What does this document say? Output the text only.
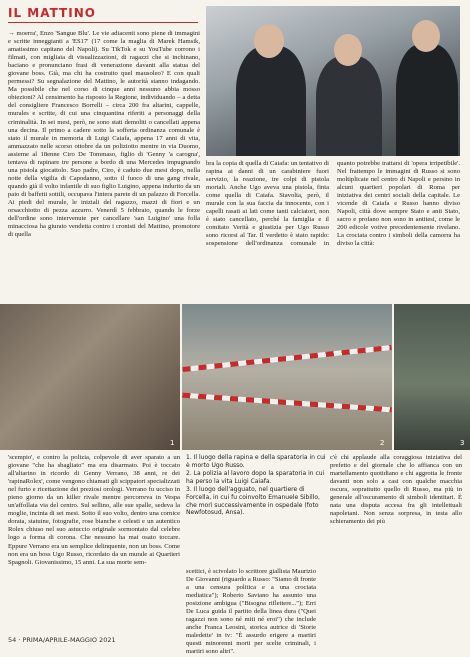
IL MATTINO

→ moerra', Enzo 'Sangue Blu'. Le vie adiacenti sono piene di immagini e scritte inneggianti a 'ES17' (17 come la maglia di Marek Hamsik, amatissimo capitano del Napoli). Su TikTok e su YouTube corrono i filmati, con migliaia di visualizzazioni, di ragazzi che si inchinano, baciano e pronunciano frasi di venerazione davanti alla statua del giovane boss. Già, ma chi ha costruito quel mausoleo? E con quali permessi? Su segnalazione del Mattino, le autorità stanno indagando. Ma possibile che nel corso di cinque anni nessuno abbia mosso obiezioni? Al censimento ha risposto la Regione, individuando – a detta del consigliere Francesco Borrelli – circa 200 fra altarini, cappelle, murales e scritte, di cui una cinquantina riferiti a personaggi della criminalità. In sei mesi, però, ne sono stati demoliti o cancellati appena una decina. Il primo a cadere sotto la sofferta ordinanza comunale è stato il murale in memoria di Luigi Caiafa, appena 17 anni di vita, ammazzato nelle scorso ottobre da un poliziotto mentre in via Duomo, assieme al 18enne Ciro De Tommaso, figlio di 'Genny 'a carogna', tentava di rapinare tre persone a bordo di una Mercedes impugnando una pistola giocattolo. Suo padre, Ciro, è caduto due mesi dopo, nella notte della vigilia di Capodanno, sotto il fuoco di una gang rivale, quando già il volto infantile di suo figlio Luigino, appena indurito da un paio di baffetti sottili, occupava l'intera parete di un palazzo di Forcella. Ai piedi del murale, le iniziali del ragazzo, mazzi di fiori e un orsacchiotto di pezza azzurro. Venerdì 5 febbraio, quando le forze dell'ordine sono intervenute per cancellare 'san Luigino' una folla minacciosa ha giurato vendetta contro i cronisti del Mattino, promotore di quella

bra la copia di quella di Caiafa: un tentativo di rapina ai danni di un carabiniere fuori servizio, la reazione, tre colpi di pistola mortali. Anche Ugo aveva una pistola, finta come quella di Caiafa. Stavolta, però, il murale con la sua faccia da innocente, con i capelli rasati ai lati come tanti calciatori, non è stato cancellato, perché la famiglia e il comitato Verità e giustizia per Ugo Russo sono ricorsi al Tar. Il verdetto è stato rapido: sospensione dell'ordinanza comunale in quanto potrebbe trattarsi di 'opera irripetibile'. Nel frattempo le immagini di Russo si sono moltiplicate nel centro di Napoli e persino in alcuni quartieri popolari di Roma per iniziativa dei centri sociali della capitale. Le vicende di Caiafa e Russo hanno diviso Napoli, città dove sempre Stato e anti Stato, sacro e profano non sono in antitesi, come le 200 edicole votive precedentemente rivelano. La crociata contro i simboli della camorra ha diviso la città:

1	2	3

'scempio', e contro la polizia, colpevole di aver sparato a un giovane "che ha sbagliato" ma era disarmato. Poi è toccato all'altarino in ricordo di Genny Verrano, 38 anni, re dei 'rapinaRolex', come vengono chiamati gli scippatori specializzati nel furto e ricettazione dei preziosi orologi. Verrano fu ucciso in pieno giorno da un killer rivale mentre percorreva in Vespa un'affollata via del centro. Sul sellino, alle sue spalle, sedeva la moglie, incinta di sei mesi. Sotto il suo volto, dentro una cornice dorata, statuine, fotografie, rose bianche e celesti e un autentico Rolex chiuso nel suo astuccio originale sormontato dal celebre logo a forma di corona. Che nessuno ha mai osato toccare. Eppure Verrano era un semplice delinquente, non un boss. Come non era un boss Ugo Russo, ricordato da un murale ai Quartieri Spagnoli. Giovanissimo, 15 anni. La sua morte sem-

1. Il luogo della rapina e della sparatoria in cui è morto Ugo Russo.

2. La polizia al lavoro dopo la sparatoria in cui ha perso la vita Luigi Caiafa.

3. Il luogo dell'agguato, nel quartiere di Forcella, in cui fu coinvolto Emanuele Sibillo, che morì successivamente in ospedale (foto Newfotosud, Ansa).

scettici, è scivolato lo scrittore giallista Maurizio De Giovanni (riguardo a Russo: "Siamo di fronte a una censura politica e a una crociata mediatica"); Roberto Saviano ha assunto una posizione ambigua ("Bisogna riflettere..."); Erri De Luca guida il partito della linea dura ("Quei ragazzi non sono né miti né eroi") che include anche Franca Leosini, storica autrice di 'Storie maledette' in tv: "È assurdo erigere a martiri questi minorenni morti per scelte criminali, i martiri sono altri".

c'è chi applaude alla coraggiosa iniziativa del prefetto e del giornale che lo affianca con un martellamento quotidiano e chi aggrotta le fronte davanti non solo a casi con qualche macchia oscura, soprattutto quello di Russo, ma più in generale all'oscuramento di simboli identitari. È nata una disputa accesa fra gli intellettuali napoletani. Non senza sorpresa, in testa allo schieramento dei più

54 · PRIMA/APRILE-MAGGIO 2021
